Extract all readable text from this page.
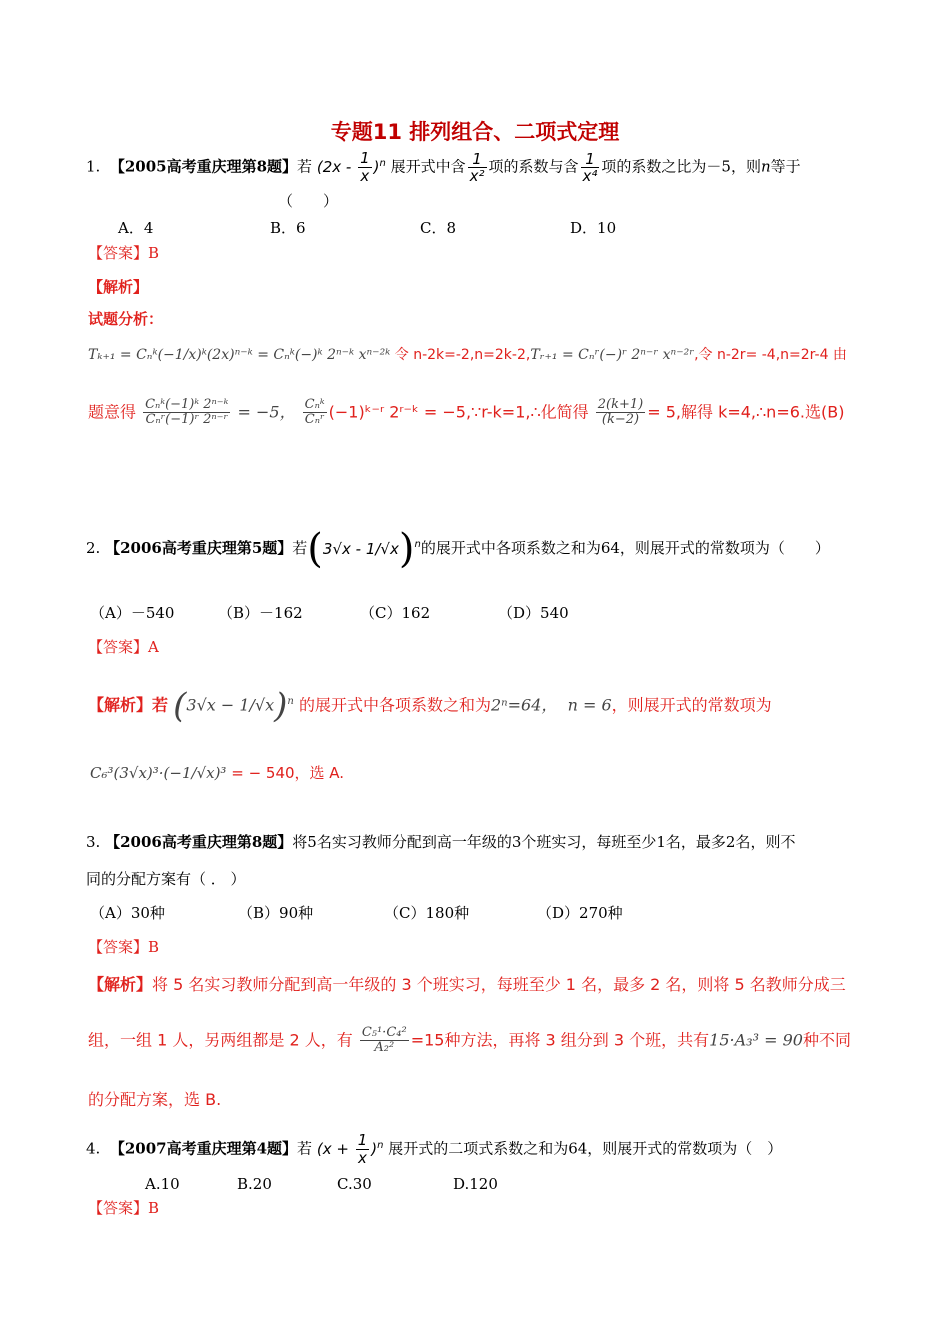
专题11 排列组合、二项式定理
1. 【2005高考重庆理第8题】若 $(2x - \frac{1}{x} )^n$ 展开式中含 $\frac{1}{\text{x²}}$ 项的系数与含 $\frac{1}{\text{x⁴}}$ 项的系数之比为－5，则n等于
（　　）
A．4	B．6	C．8	D．10
【答案】B
【解析】
试题分析：
Tₖ₊₁ = Cₙᵏ(−1/x)ᵏ(2x)ⁿ⁻ᵏ = Cₙᵏ(−)ᵏ 2ⁿ⁻ᵏ xⁿ⁻²ᵏ 令 n-2k=-2,n=2k-2,Tᵣ₊₁ = Cₙʳ(−)ʳ 2ⁿ⁻ʳ xⁿ⁻²ʳ,令 n-2r= -4,n=2r-4 由
题意得 $\frac{\text{Cₙᵏ(−1)ᵏ 2ⁿ⁻ᵏ}}{\text{Cₙʳ(−1)ʳ 2ⁿ⁻ʳ}} = -5$， $\frac{\text{Cₙᵏ}}{\text{Cₙʳ}}$ (−1)ᵏ⁻ʳ 2ʳ⁻ᵏ = −5,∵r-k=1,∴化简得 $\frac{2(k+1)}{(k-2)} = 5$,解得 k=4,∴n=6.选(B)
2. 【2006高考重庆理第5题】若(3√x - 1/√x)$^n$的展开式中各项系数之和为64，则展开式的常数项为（　　）
（A）－540	（B）－162	（C）162	（D）540
【答案】A
【解析】若 $(3√x - 1/√x)^n$ 的展开式中各项系数之和为2ⁿ=64， n = 6，则展开式的常数项为
C₆³(3√x)³·(−1/√x)³ = − 540，选 A.
3. 【2006高考重庆理第8题】将5名实习教师分配到高一年级的3个班实习，每班至少1名，最多2名，则不
同的分配方案有（ ． ）
（A）30种	（B）90种	（C）180种	（D）270种
【答案】B
【解析】将 5 名实习教师分配到高一年级的 3 个班实习，每班至少 1 名，最多 2 名，则将 5 名教师分成三
组，一组 1 人，另两组都是 2 人，有 $\frac{\text{C₅¹·C₄²}}{\text{A₂²}} =15$种方法，再将 3 组分到 3 个班，共有15·A₃³ = 90种不同
的分配方案，选 B.
4. 【2007高考重庆理第4题】若 $(x + \frac{1}{x} )^n$ 展开式的二项式系数之和为64，则展开式的常数项为（　）
A.10	B.20	C.30	D.120
【答案】B
